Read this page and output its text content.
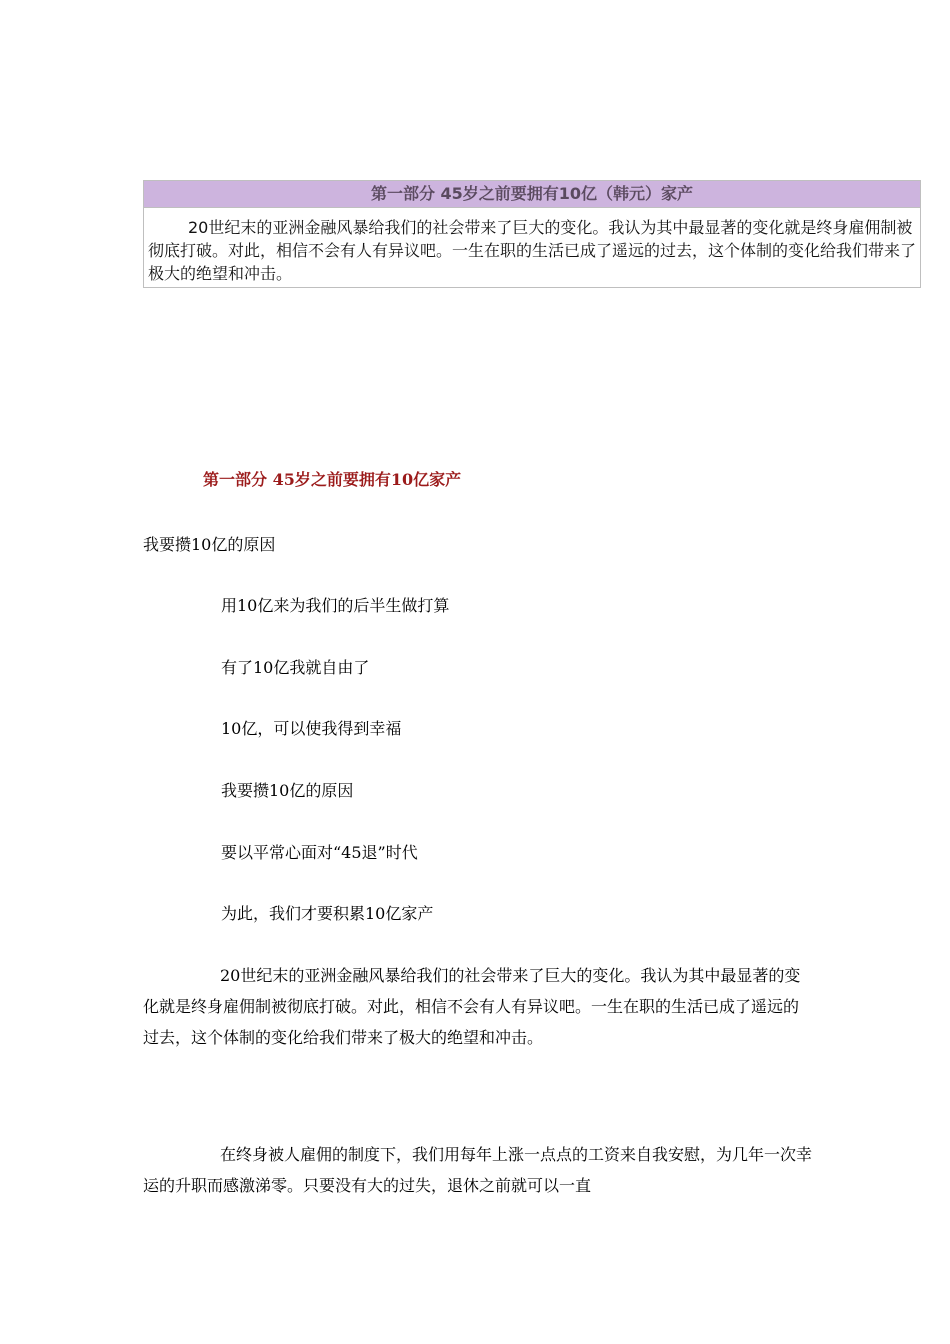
第一部分 45岁之前要拥有10亿（韩元）家产
20世纪末的亚洲金融风暴给我们的社会带来了巨大的变化。我认为其中最显著的变化就是终身雇佣制被彻底打破。对此，相信不会有人有异议吧。一生在职的生活已成了遥远的过去，这个体制的变化给我们带来了极大的绝望和冲击。
第一部分 45岁之前要拥有10亿家产
我要攒10亿的原因
用10亿来为我们的后半生做打算
有了10亿我就自由了
10亿，可以使我得到幸福
我要攒10亿的原因
要以平常心面对“45退”时代
为此，我们才要积累10亿家产
20世纪末的亚洲金融风暴给我们的社会带来了巨大的变化。我认为其中最显著的变化就是终身雇佣制被彻底打破。对此，相信不会有人有异议吧。一生在职的生活已成了遥远的过去，这个体制的变化给我们带来了极大的绝望和冲击。
在终身被人雇佣的制度下，我们用每年上涨一点点的工资来自我安慰，为几年一次幸运的升职而感激涕零。只要没有大的过失，退休之前就可以一直
